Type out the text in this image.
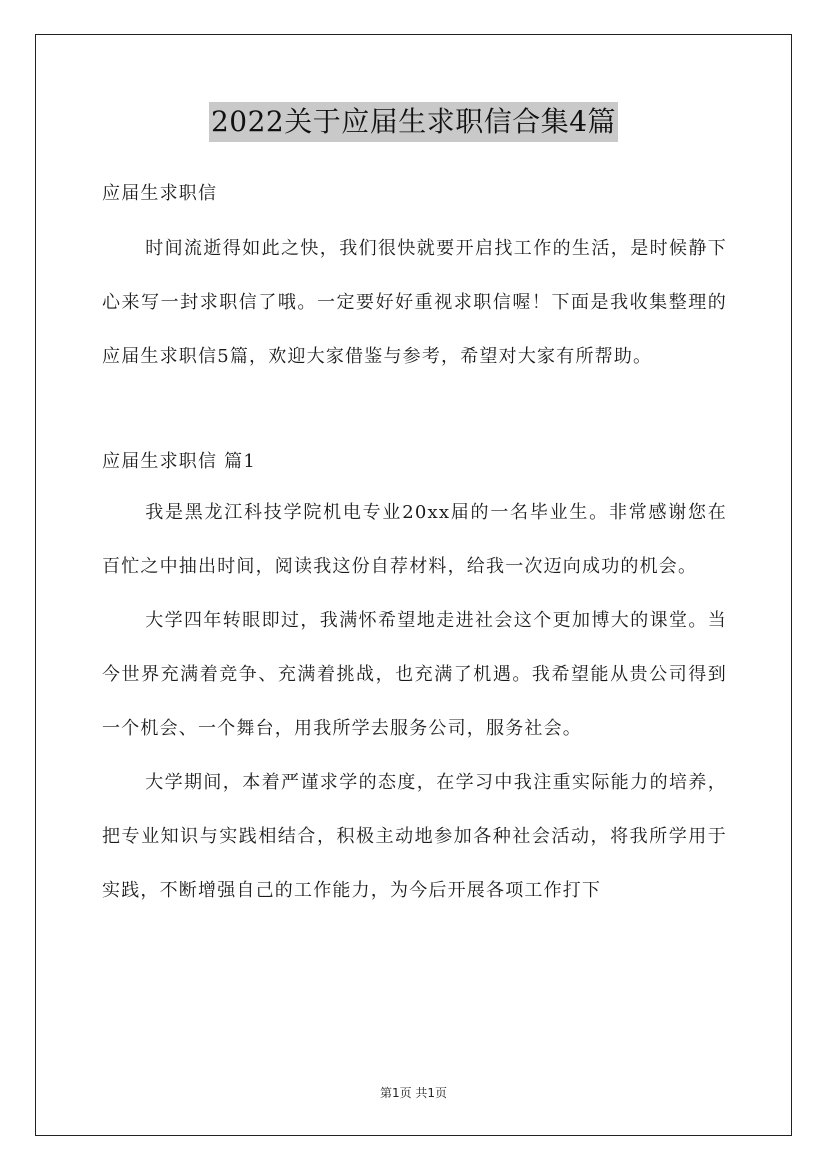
2022关于应届生求职信合集4篇

应届生求职信

时间流逝得如此之快，我们很快就要开启找工作的生活，是时候静下心来写一封求职信了哦。一定要好好重视求职信喔！下面是我收集整理的应届生求职信5篇，欢迎大家借鉴与参考，希望对大家有所帮助。

应届生求职信 篇1

我是黑龙江科技学院机电专业20xx届的一名毕业生。非常感谢您在百忙之中抽出时间，阅读我这份自荐材料，给我一次迈向成功的机会。

大学四年转眼即过，我满怀希望地走进社会这个更加博大的课堂。当今世界充满着竞争、充满着挑战，也充满了机遇。我希望能从贵公司得到一个机会、一个舞台，用我所学去服务公司，服务社会。

大学期间，本着严谨求学的态度，在学习中我注重实际能力的培养，把专业知识与实践相结合，积极主动地参加各种社会活动，将我所学用于实践，不断增强自己的工作能力，为今后开展各项工作打下

第1页 共1页
